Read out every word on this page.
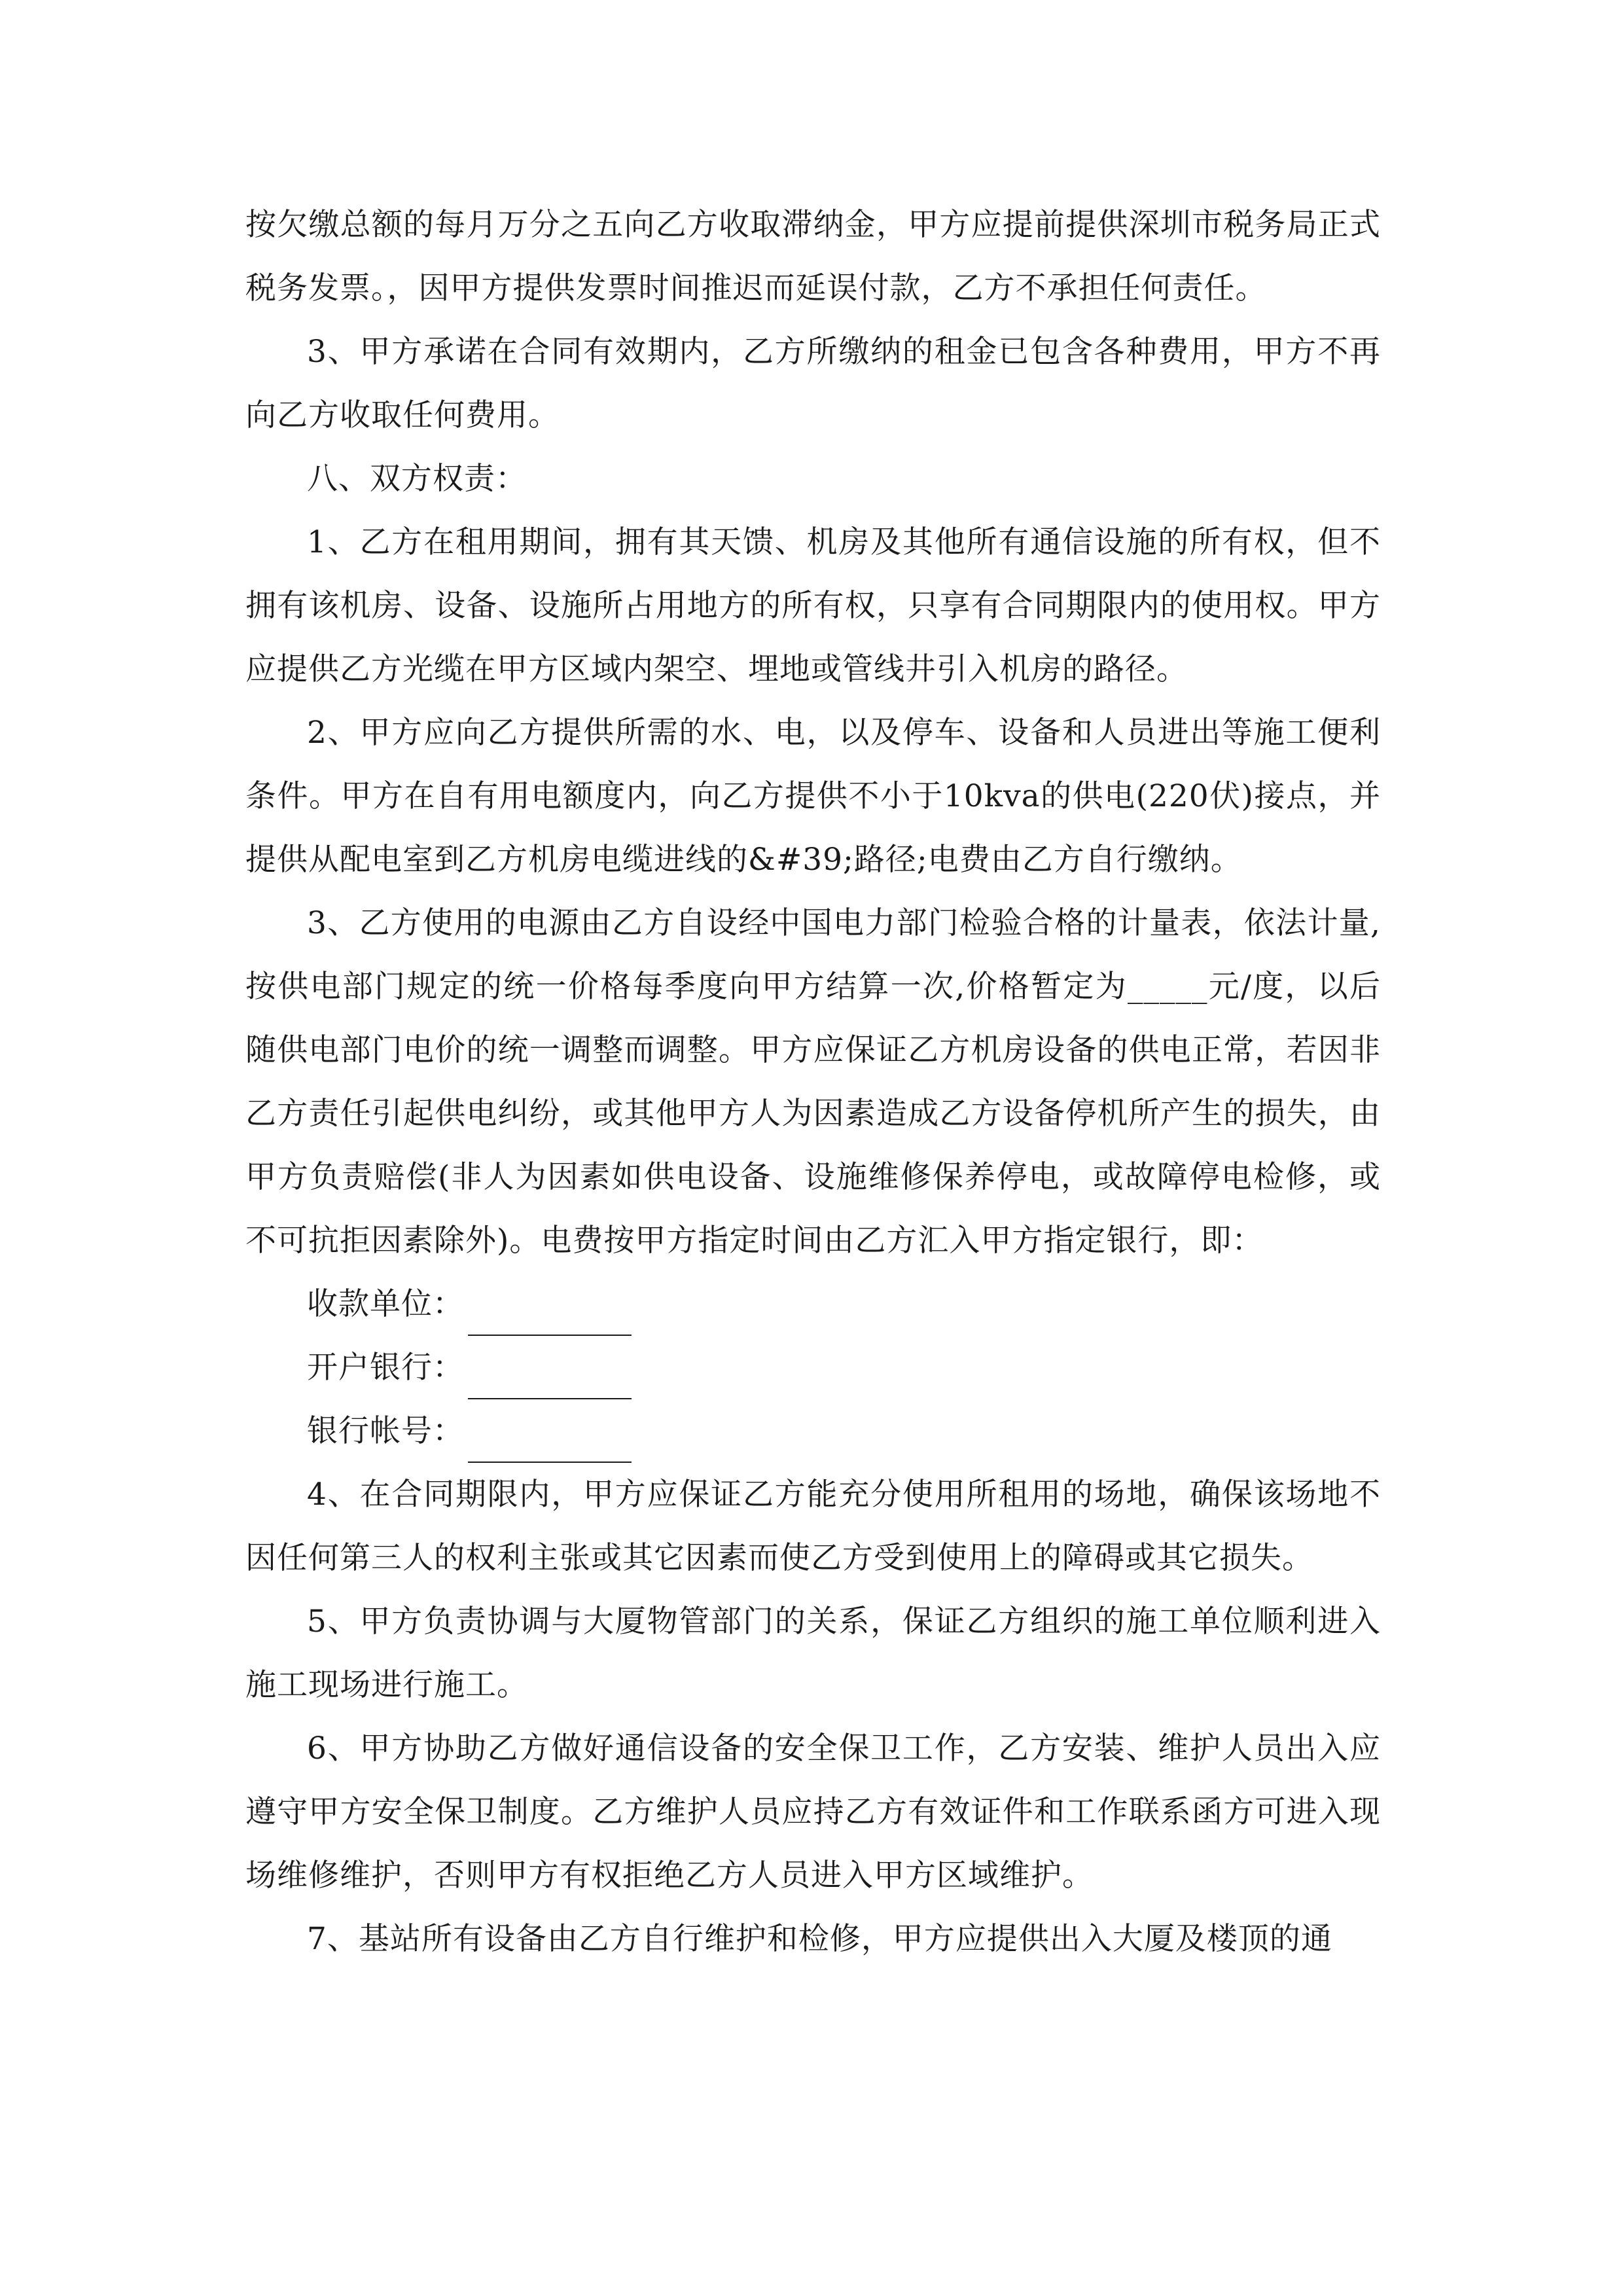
按欠缴总额的每月万分之五向乙方收取滞纳金，甲方应提前提供深圳市税务局正式税务发票。，因甲方提供发票时间推迟而延误付款，乙方不承担任何责任。

3、甲方承诺在合同有效期内，乙方所缴纳的租金已包含各种费用，甲方不再向乙方收取任何费用。

八、双方权责：

1、乙方在租用期间，拥有其天馈、机房及其他所有通信设施的所有权，但不拥有该机房、设备、设施所占用地方的所有权，只享有合同期限内的使用权。甲方应提供乙方光缆在甲方区域内架空、埋地或管线井引入机房的路径。

2、甲方应向乙方提供所需的水、电，以及停车、设备和人员进出等施工便利条件。甲方在自有用电额度内，向乙方提供不小于10kva的供电(220伏)接点，并提供从配电室到乙方机房电缆进线的&#39;路径;电费由乙方自行缴纳。

3、乙方使用的电源由乙方自设经中国电力部门检验合格的计量表，依法计量,按供电部门规定的统一价格每季度向甲方结算一次,价格暂定为_____元/度，以后随供电部门电价的统一调整而调整。甲方应保证乙方机房设备的供电正常，若因非乙方责任引起供电纠纷，或其他甲方人为因素造成乙方设备停机所产生的损失，由甲方负责赔偿(非人为因素如供电设备、设施维修保养停电，或故障停电检修，或不可抗拒因素除外)。电费按甲方指定时间由乙方汇入甲方指定银行，即：

收款单位：
开户银行：
银行帐号：

4、在合同期限内，甲方应保证乙方能充分使用所租用的场地，确保该场地不因任何第三人的权利主张或其它因素而使乙方受到使用上的障碍或其它损失。

5、甲方负责协调与大厦物管部门的关系，保证乙方组织的施工单位顺利进入施工现场进行施工。

6、甲方协助乙方做好通信设备的安全保卫工作，乙方安装、维护人员出入应遵守甲方安全保卫制度。乙方维护人员应持乙方有效证件和工作联系函方可进入现场维修维护，否则甲方有权拒绝乙方人员进入甲方区域维护。

7、基站所有设备由乙方自行维护和检修，甲方应提供出入大厦及楼顶的通
